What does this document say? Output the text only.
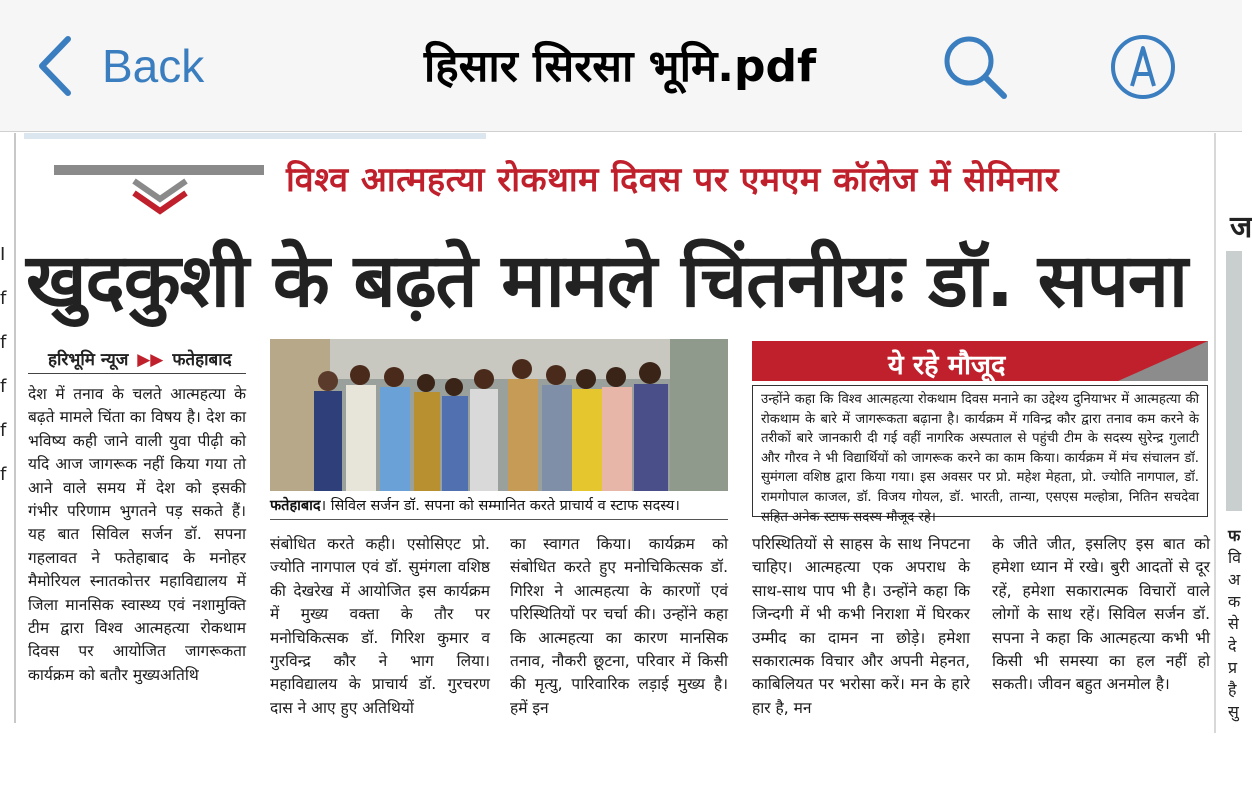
Back	हिसार सिरसा भूमि.pdf
I
f
f
f
f
f
विश्व आत्महत्या रोकथाम दिवस पर एमएम कॉलेज में सेमिनार
खुदकुशी के बढ़ते मामले चिंतनीयः डॉ. सपना
हरिभूमि न्यूज ▶▶ फतेहाबाद
देश में तनाव के चलते आत्महत्या के बढ़ते मामले चिंता का विषय है। देश का भविष्य कही जाने वाली युवा पीढ़ी को यदि आज जागरूक नहीं किया गया तो आने वाले समय में देश को इसकी गंभीर परिणाम भुगतने पड़ सकते हैं। यह बात सिविल सर्जन डॉ. सपना गहलावत ने फतेहाबाद के मनोहर मैमोरियल स्नातकोत्तर महाविद्यालय में जिला मानसिक स्वास्थ्य एवं नशामुक्ति टीम द्वारा विश्व आत्महत्या रोकथाम दिवस पर आयोजित जागरूकता कार्यक्रम को बतौर मुख्यअतिथि
फतेहाबाद। सिविल सर्जन डॉ. सपना को सम्मानित करते प्राचार्य व स्टाफ सदस्य।
ये रहे मौजूद
उन्होंने कहा कि विश्व आत्महत्या रोकथाम दिवस मनाने का उद्देश्य दुनियाभर में आत्महत्या की रोकथाम के बारे में जागरूकता बढ़ाना है। कार्यक्रम में गविन्द्र कौर द्वारा तनाव कम करने के तरीकों बारे जानकारी दी गई वहीं नागरिक अस्पताल से पहुंची टीम के सदस्य सुरेन्द्र गुलाटी और गौरव ने भी विद्यार्थियों को जागरूक करने का काम किया। कार्यक्रम में मंच संचालन डॉ. सुमंगला वशिष्ठ द्वारा किया गया। इस अवसर पर प्रो. महेश मेहता, प्रो. ज्योति नागपाल, डॉ. रामगोपाल काजल, डॉ. विजय गोयल, डॉ. भारती, तान्या, एसएस मल्होत्रा, नितिन सचदेवा सहित अनेक स्टाफ सदस्य मौजूद रहे।
संबोधित करते कही। एसोसिएट प्रो. ज्योति नागपाल एवं डॉ. सुमंगला वशिष्ठ की देखरेख में आयोजित इस कार्यक्रम में मुख्य वक्ता के तौर पर मनोचिकित्सक डॉ. गिरिश कुमार व गुरविन्द्र कौर ने भाग लिया। महाविद्यालय के प्राचार्य डॉ. गुरचरण दास ने आए हुए अतिथियों
का स्वागत किया। कार्यक्रम को संबोधित करते हुए मनोचिकित्सक डॉ. गिरिश ने आत्महत्या के कारणों एवं परिस्थितियों पर चर्चा की। उन्होंने कहा कि आत्महत्या का कारण मानसिक तनाव, नौकरी छूटना, परिवार में किसी की मृत्यु, पारिवारिक लड़ाई मुख्य है। हमें इन
परिस्थितियों से साहस के साथ निपटना चाहिए। आत्महत्या एक अपराध के साथ-साथ पाप भी है। उन्होंने कहा कि जिन्दगी में भी कभी निराशा में घिरकर उम्मीद का दामन ना छोड़े। हमेशा सकारात्मक विचार और अपनी मेहनत, काबिलियत पर भरोसा करें। मन के हारे हार है, मन
के जीते जीत, इसलिए इस बात को हमेशा ध्यान में रखे। बुरी आदतों से दूर रहें, हमेशा सकारात्मक विचारों वाले लोगों के साथ रहें। सिविल सर्जन डॉ. सपना ने कहा कि आत्महत्या कभी भी किसी भी समस्या का हल नहीं हो सकती। जीवन बहुत अनमोल है।
ज
फ
वि
अ
क
से
दे
प्र
है
सु
